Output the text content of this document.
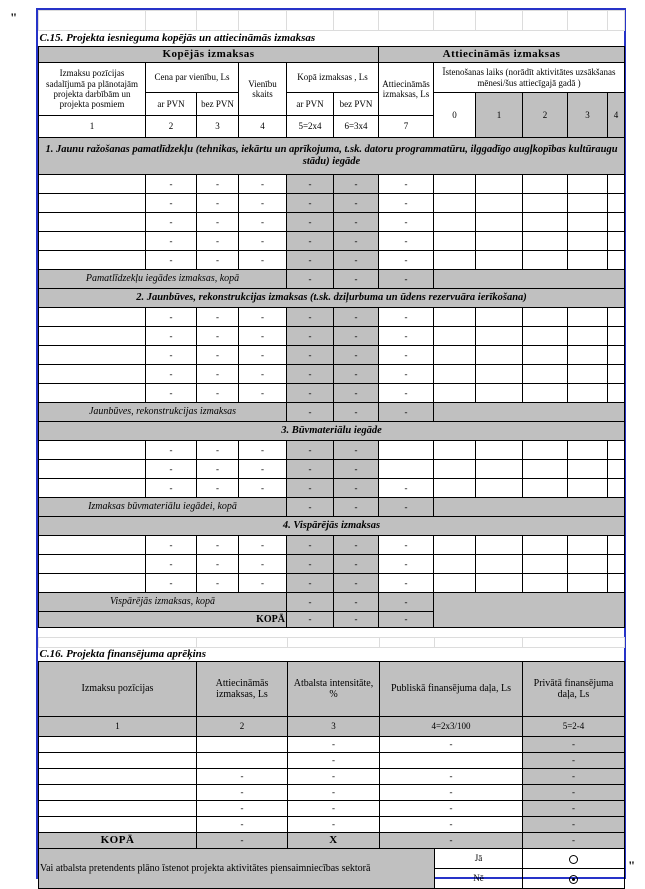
"
"

C.15. Projekta iesnieguma kopējās un attiecināmās izmaksas											
Kopējās izmaksas						Attiecināmās izmaksas					
Izmaksu pozīcijas sadalījumā pa plānotajām projekta darbībām un projekta posmiem	Cena par vienību, Ls		Vienību skaits	Kopā izmaksas , Ls		Attiecināmās izmaksas, Ls	Īstenošanas laiks (norādīt aktivitātes uzsākšanas mēnesi/šus attiecīgajā gadā )				
	ar PVN	bez PVN		ar PVN	bez PVN		0	1	2	3	4
1	2	3	4	5=2x4	6=3x4	7					
1. Jaunu ražošanas pamatlīdzekļu (tehnikas, iekārtu un aprīkojuma, t.sk. datoru programmatūru, ilggadīgo augļkopības kultūraugu stādu) iegāde											
	-	-	-	-	-	-					
	-	-	-	-	-	-					
	-	-	-	-	-	-					
	-	-	-	-	-	-					
	-	-	-	-	-	-					
Pamatlīdzekļu iegādes izmaksas, kopā				-	-	-					
2. Jaunbūves, rekonstrukcijas izmaksas (t.sk. dziļurbuma un ūdens rezervuāra ierīkošana)											
	-	-	-	-	-	-					
	-	-	-	-	-	-					
	-	-	-	-	-	-					
	-	-	-	-	-	-					
	-	-	-	-	-	-					
Jaunbūves, rekonstrukcijas izmaksas				-	-	-					
3. Būvmateriālu iegāde											
	-	-	-	-	-						
	-	-	-	-	-						
	-	-	-	-	-	-					
Izmaksas būvmateriālu iegādei, kopā				-	-	-					
4. Vispārējās izmaksas											
	-	-	-	-	-	-					
	-	-	-	-	-	-					
	-	-	-	-	-	-					
Vispārējās izmaksas, kopā				-	-	-					
KOPĀ				-	-	-					

C.16. Projekta finansējuma aprēķins					
Izmaksu pozīcijas	Attiecināmās izmaksas, Ls	Atbalsta intensitāte, %	Publiskā finansējuma daļa, Ls		Privātā finansējuma daļa, Ls
1	2	3	4=2x3/100		5=2-4
		-	-		-
		-			-
	-	-	-		-
	-	-	-		-
	-	-	-		-
	-	-	-		-
KOPĀ	-	X	-		-
Vai atbalsta pretendents plāno īstenot projekta aktivitātes piensaimniecības sektorā				Jā	
				Nē	
